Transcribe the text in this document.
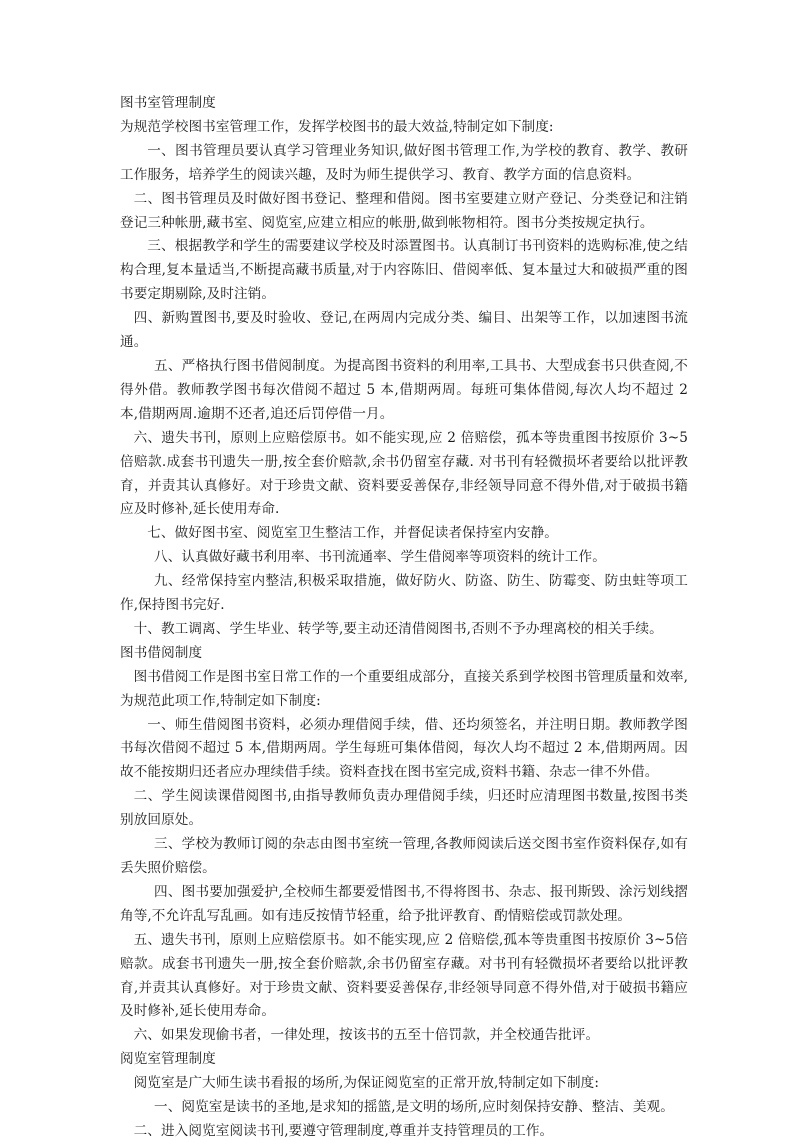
图书室管理制度

为规范学校图书室管理工作，发挥学校图书的最大效益,特制定如下制度:

一、图书管理员要认真学习管理业务知识,做好图书管理工作,为学校的教育、教学、教研工作服务，培养学生的阅读兴趣，及时为师生提供学习、教育、教学方面的信息资料。

二、图书管理员及时做好图书登记、整理和借阅。图书室要建立财产登记、分类登记和注销登记三种帐册,藏书室、阅览室,应建立相应的帐册,做到帐物相符。图书分类按规定执行。

三、根据教学和学生的需要建议学校及时添置图书。认真制订书刊资料的选购标准,使之结构合理,复本量适当,不断提高藏书质量,对于内容陈旧、借阅率低、复本量过大和破损严重的图书要定期剔除,及时注销。

四、新购置图书,要及时验收、登记,在两周内完成分类、编目、出架等工作，以加速图书流通。

五、严格执行图书借阅制度。为提高图书资料的利用率,工具书、大型成套书只供查阅,不得外借。教师教学图书每次借阅不超过 5 本,借期两周。每班可集体借阅,每次人均不超过 2 本,借期两周.逾期不还者,追还后罚停借一月。

六、遗失书刊，原则上应赔偿原书。如不能实现,应 2 倍赔偿，孤本等贵重图书按原价 3~5倍赔款.成套书刊遗失一册,按全套价赔款,余书仍留室存藏. 对书刊有轻微损坏者要给以批评教育，并责其认真修好。对于珍贵文献、资料要妥善保存,非经领导同意不得外借,对于破损书籍应及时修补,延长使用寿命.

七、做好图书室、阅览室卫生整洁工作，并督促读者保持室内安静。

八、认真做好藏书利用率、书刊流通率、学生借阅率等项资料的统计工作。

九、经常保持室内整洁,积极采取措施，做好防火、防盗、防生、防霉变、防虫蛀等项工作,保持图书完好.

十、教工调离、学生毕业、转学等,要主动还清借阅图书,否则不予办理离校的相关手续。

图书借阅制度

图书借阅工作是图书室日常工作的一个重要组成部分，直接关系到学校图书管理质量和效率,为规范此项工作,特制定如下制度:

一、师生借阅图书资料，必须办理借阅手续，借、还均须签名，并注明日期。教师教学图书每次借阅不超过 5 本,借期两周。学生每班可集体借阅，每次人均不超过 2 本,借期两周。因故不能按期归还者应办理续借手续。资料查找在图书室完成,资料书籍、杂志一律不外借。

二、学生阅读课借阅图书,由指导教师负责办理借阅手续，归还时应清理图书数量,按图书类别放回原处。

三、学校为教师订阅的杂志由图书室统一管理,各教师阅读后送交图书室作资料保存,如有丢失照价赔偿。

四、图书要加强爱护,全校师生都要爱惜图书,不得将图书、杂志、报刊斯毁、涂污划线摺角等,不允许乱写乱画。如有违反按情节轻重，给予批评教育、酌情赔偿或罚款处理。

五、遗失书刊，原则上应赔偿原书。如不能实现,应 2 倍赔偿,孤本等贵重图书按原价 3~5倍赔款。成套书刊遗失一册,按全套价赔款,余书仍留室存藏。对书刊有轻微损坏者要给以批评教育,并责其认真修好。对于珍贵文献、资料要妥善保存,非经领导同意不得外借,对于破损书籍应及时修补,延长使用寿命。

六、如果发现偷书者，一律处理，按该书的五至十倍罚款，并全校通告批评。

阅览室管理制度

阅览室是广大师生读书看报的场所,为保证阅览室的正常开放,特制定如下制度:

一、阅览室是读书的圣地,是求知的摇篮,是文明的场所,应时刻保持安静、整洁、美观。

二、进入阅览室阅读书刊,要遵守管理制度,尊重并支持管理员的工作。
